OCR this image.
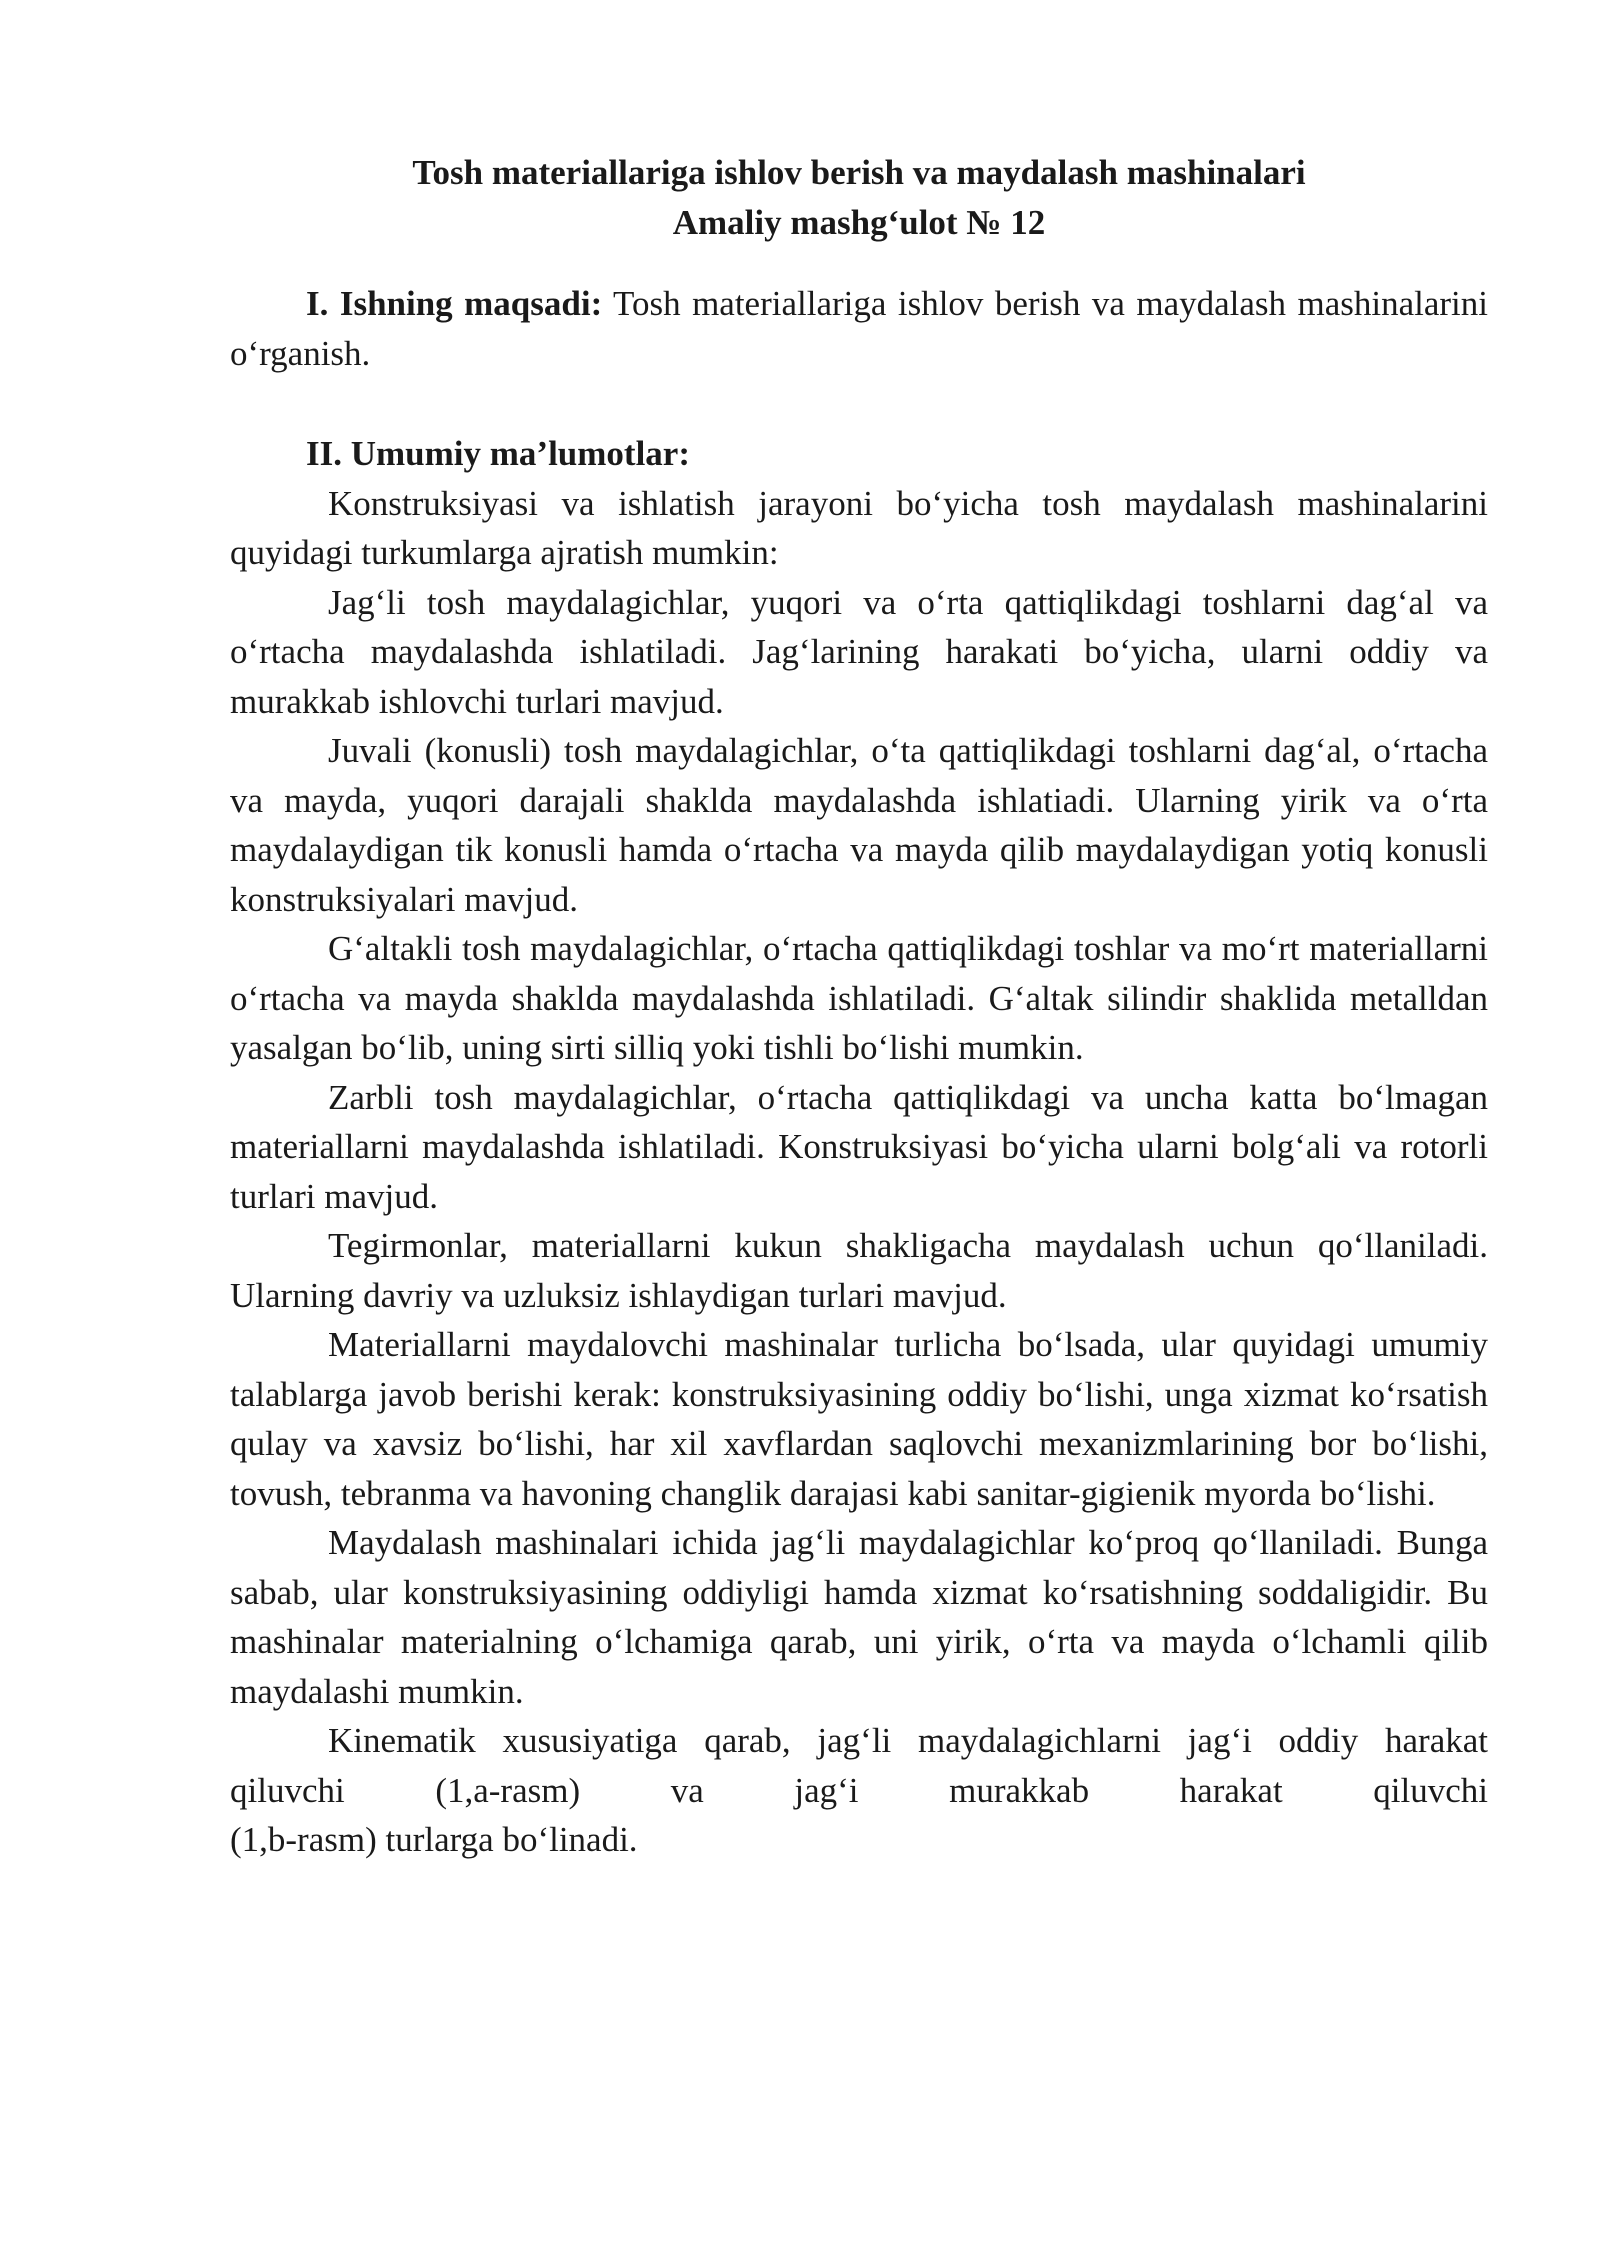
Tosh materiallariga ishlov berish va maydalash mashinalari

Amaliy mashg‘ulot № 12

I. Ishning maqsadi: Tosh materiallariga ishlov berish va maydalash mashinalarini o‘rganish.

II. Umumiy ma’lumotlar:

Konstruksiyasi va ishlatish jarayoni bo‘yicha tosh maydalash mashinalarini quyidagi turkumlarga ajratish mumkin:

Jag‘li tosh maydalagichlar, yuqori va o‘rta qattiqlikdagi toshlarni dag‘al va o‘rtacha maydalashda ishlatiladi. Jag‘larining harakati bo‘yicha, ularni oddiy va murakkab ishlovchi turlari mavjud.

Juvali (konusli) tosh maydalagichlar, o‘ta qattiqlikdagi toshlarni dag‘al, o‘rtacha va mayda, yuqori darajali shaklda maydalashda ishlatiadi. Ularning yirik va o‘rta maydalaydigan tik konusli hamda o‘rtacha va mayda qilib maydalaydigan yotiq konusli konstruksiyalari mavjud.

G‘altakli tosh maydalagichlar, o‘rtacha qattiqlikdagi toshlar va mo‘rt materiallarni o‘rtacha va mayda shaklda maydalashda ishlatiladi. G‘altak silindir shaklida metalldan yasalgan bo‘lib, uning sirti silliq yoki tishli bo‘lishi mumkin.

Zarbli tosh maydalagichlar, o‘rtacha qattiqlikdagi va uncha katta bo‘lmagan materiallarni maydalashda ishlatiladi. Konstruksiyasi bo‘yicha ularni bolg‘ali va rotorli turlari mavjud.

Tegirmonlar, materiallarni kukun shakligacha maydalash uchun qo‘llaniladi. Ularning davriy va uzluksiz ishlaydigan turlari mavjud.

Materiallarni maydalovchi mashinalar turlicha bo‘lsada, ular quyidagi umumiy talablarga javob berishi kerak: konstruksiyasining oddiy bo‘lishi, unga xizmat ko‘rsatish qulay va xavsiz bo‘lishi, har xil xavflardan saqlovchi mexanizmlarining bor bo‘lishi, tovush, tebranma va havoning changlik darajasi kabi sanitar-gigienik myorda bo‘lishi.

Maydalash mashinalari ichida jag‘li maydalagichlar ko‘proq qo‘llaniladi. Bunga sabab, ular konstruksiyasining oddiyligi hamda xizmat ko‘rsatishning soddaligidir. Bu mashinalar materialning o‘lchamiga qarab, uni yirik, o‘rta va mayda o‘lchamli qilib maydalashi mumkin.

Kinematik xususiyatiga qarab, jag‘li maydalagichlarni jag‘i oddiy harakat

qiluvchi (1,a-rasm) va jag‘i murakkab harakat qiluvchi

(1,b-rasm) turlarga bo‘linadi.
